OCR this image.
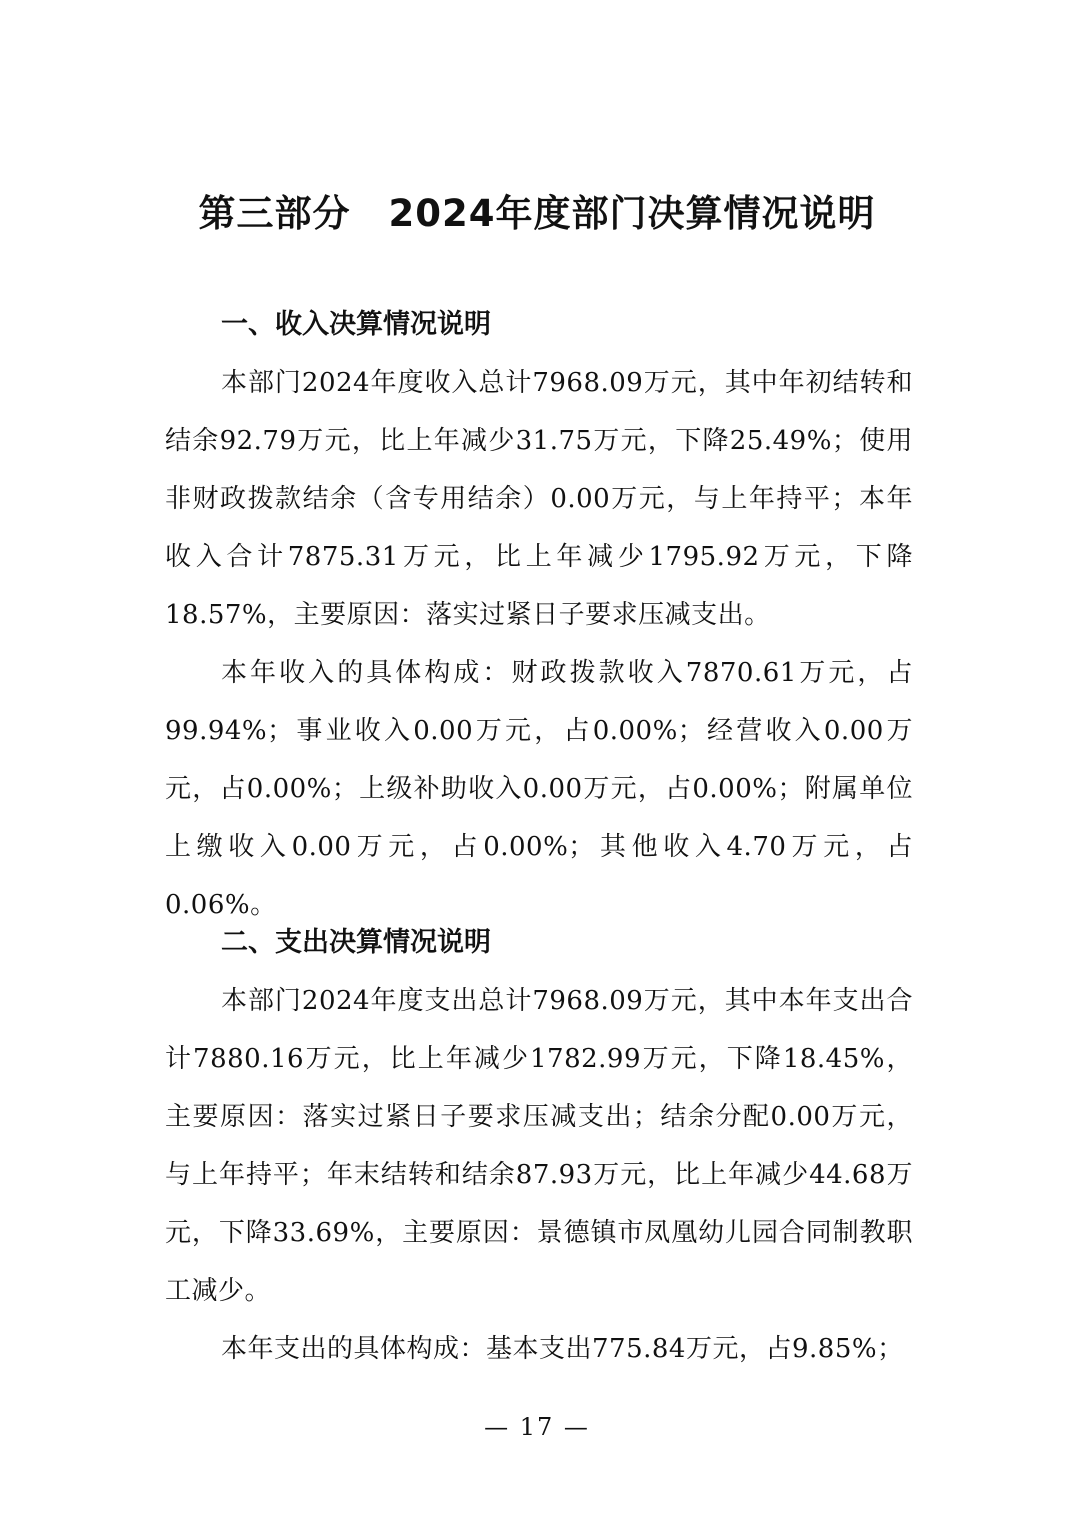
第三部分　2024年度部门决算情况说明
一、收入决算情况说明

本部门2024年度收入总计7968.09万元，其中年初结转和结余92.79万元，比上年减少31.75万元，下降25.49%；使用非财政拨款结余（含专用结余）0.00万元，与上年持平；本年收入合计7875.31万元，比上年减少1795.92万元，下降18.57%，主要原因：落实过紧日子要求压减支出。

本年收入的具体构成：财政拨款收入7870.61万元，占99.94%；事业收入0.00万元，占0.00%；经营收入0.00万元，占0.00%；上级补助收入0.00万元，占0.00%；附属单位上缴收入0.00万元，占0.00%；其他收入4.70万元，占0.06%。

二、支出决算情况说明

本部门2024年度支出总计7968.09万元，其中本年支出合计7880.16万元，比上年减少1782.99万元，下降18.45%，主要原因：落实过紧日子要求压减支出；结余分配0.00万元，与上年持平；年末结转和结余87.93万元，比上年减少44.68万元，下降33.69%，主要原因：景德镇市凤凰幼儿园合同制教职工减少。

本年支出的具体构成：基本支出775.84万元，占9.85%；

— 17 —
